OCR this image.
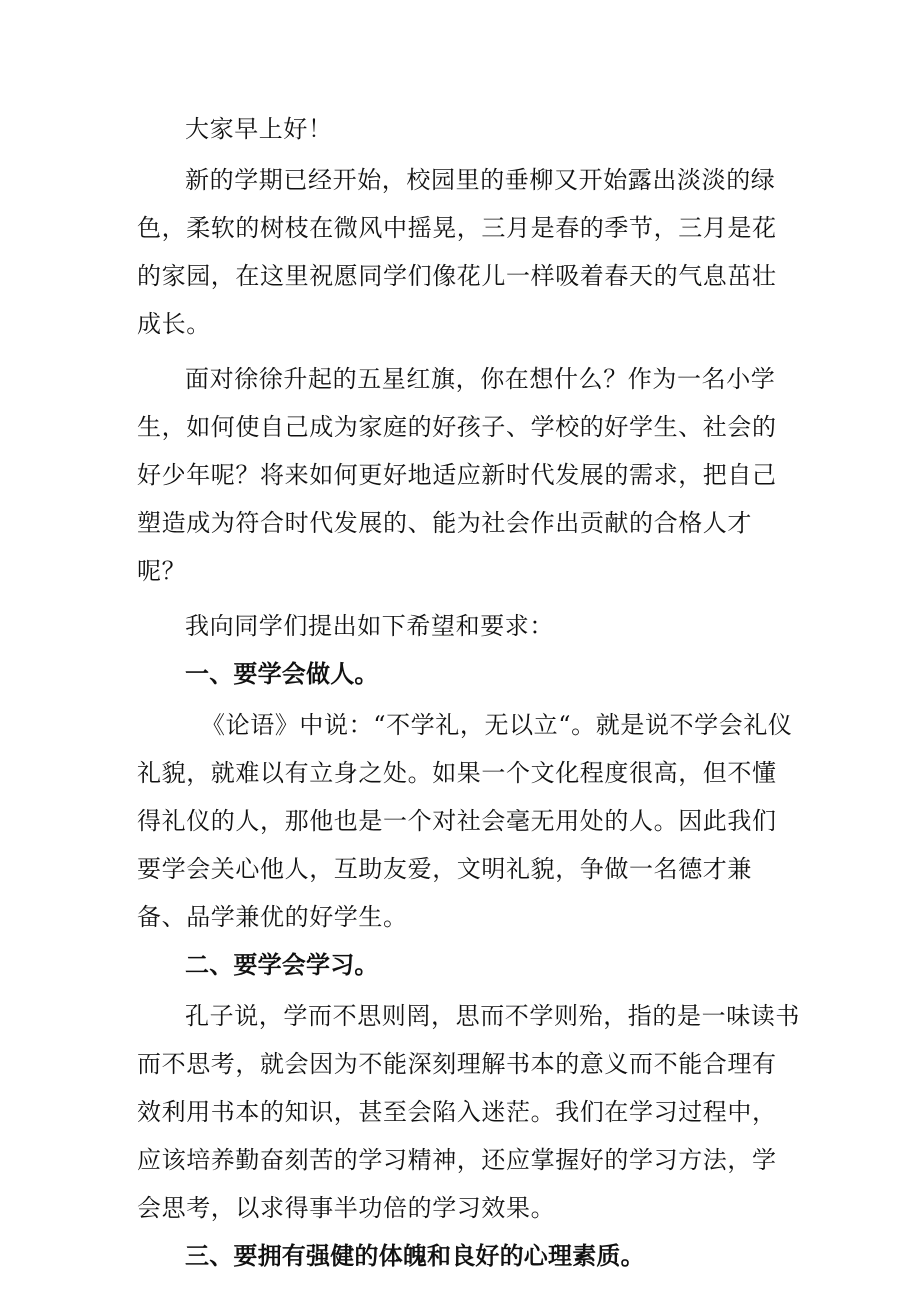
大家早上好！

新的学期已经开始，校园里的垂柳又开始露出淡淡的绿色，柔软的树枝在微风中摇晃，三月是春的季节，三月是花的家园，在这里祝愿同学们像花儿一样吸着春天的气息茁壮成长。

面对徐徐升起的五星红旗，你在想什么？作为一名小学生，如何使自己成为家庭的好孩子、学校的好学生、社会的好少年呢？将来如何更好地适应新时代发展的需求，把自己塑造成为符合时代发展的、能为社会作出贡献的合格人才呢？

我向同学们提出如下希望和要求：

一、要学会做人。

《论语》中说：“不学礼，无以立“。就是说不学会礼仪礼貌，就难以有立身之处。如果一个文化程度很高，但不懂得礼仪的人，那他也是一个对社会毫无用处的人。因此我们要学会关心他人，互助友爱，文明礼貌，争做一名德才兼备、品学兼优的好学生。

二、要学会学习。

孔子说，学而不思则罔，思而不学则殆，指的是一味读书而不思考，就会因为不能深刻理解书本的意义而不能合理有效利用书本的知识，甚至会陷入迷茫。我们在学习过程中，应该培养勤奋刻苦的学习精神，还应掌握好的学习方法，学会思考，以求得事半功倍的学习效果。

三、要拥有强健的体魄和良好的心理素质。
